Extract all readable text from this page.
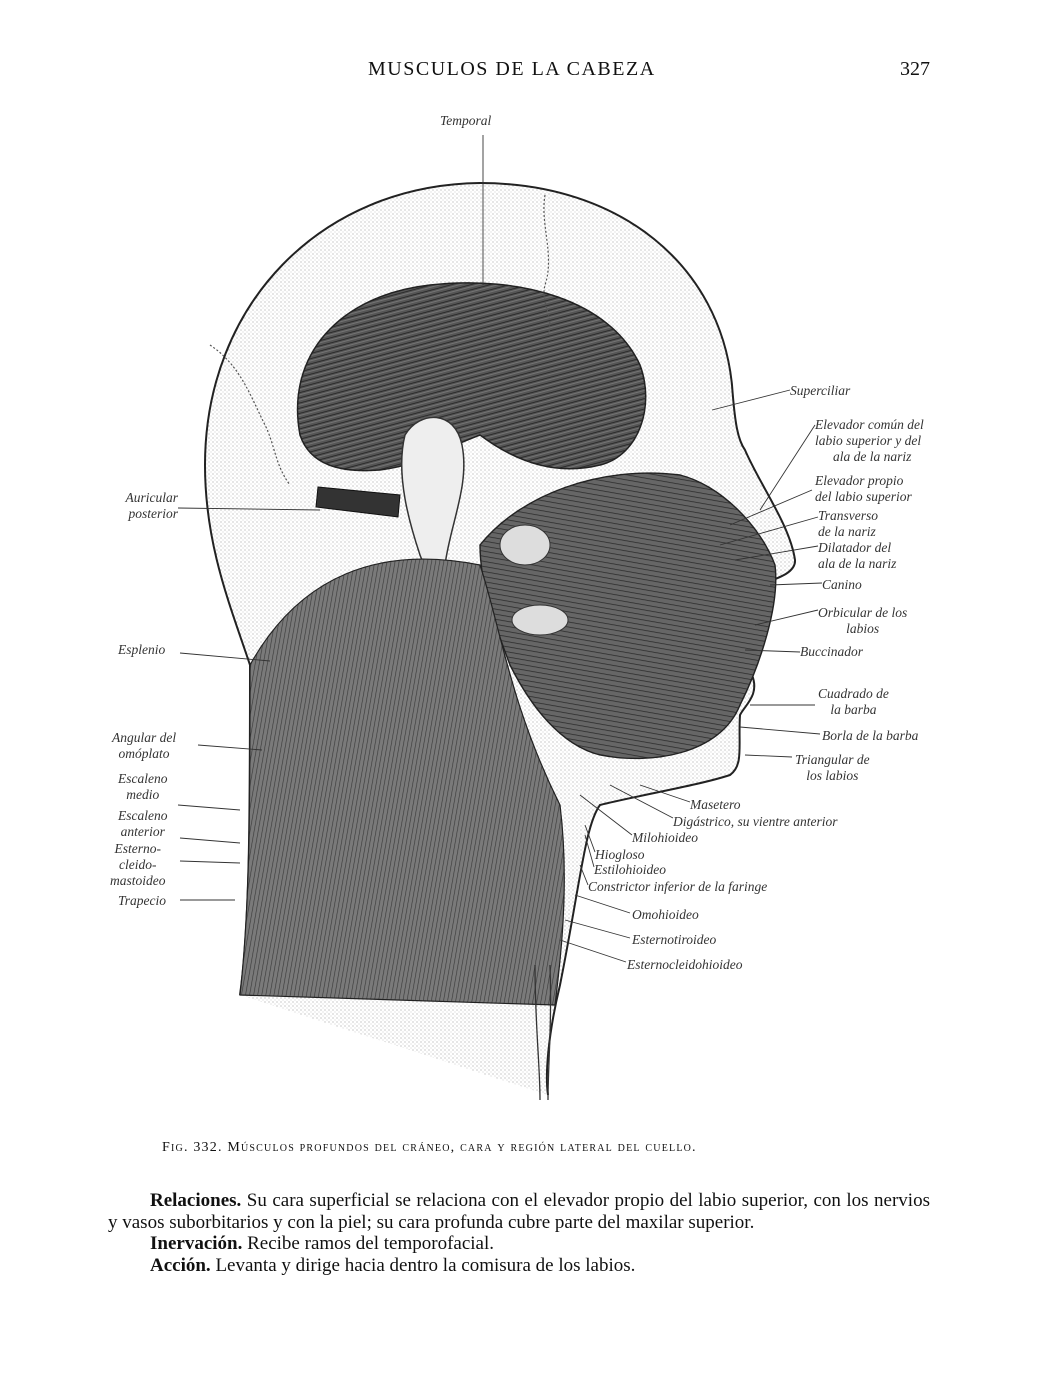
MUSCULOS DE LA CABEZA	327
Temporal
Superciliar
Elevador común del
labio superior y del
ala de la nariz
Elevador propio
del labio superior
Transverso
de la nariz
Dilatador del
ala de la nariz
Canino
Orbicular de los
labios
Buccinador
Cuadrado de
la barba
Borla de la barba
Triangular de
los labios
Masetero
Digástrico, su vientre anterior
Milohioideo
Hiogloso
Estilohioideo
Constrictor inferior de la faringe
Omohioideo
Esternotiroideo
Esternocleidohioideo
Auricular
posterior
Esplenio
Angular del
omóplato
Escaleno
medio
Escaleno
anterior
Esterno-
cleido-
mastoideo
Trapecio
Fig. 332. Músculos profundos del cráneo, cara y región lateral del cuello.

Relaciones. Su cara superficial se relaciona con el elevador propio del labio superior, con los nervios y vasos suborbitarios y con la piel; su cara profunda cubre parte del maxilar superior.

Inervación. Recibe ramos del temporofacial.

Acción. Levanta y dirige hacia dentro la comisura de los labios.
